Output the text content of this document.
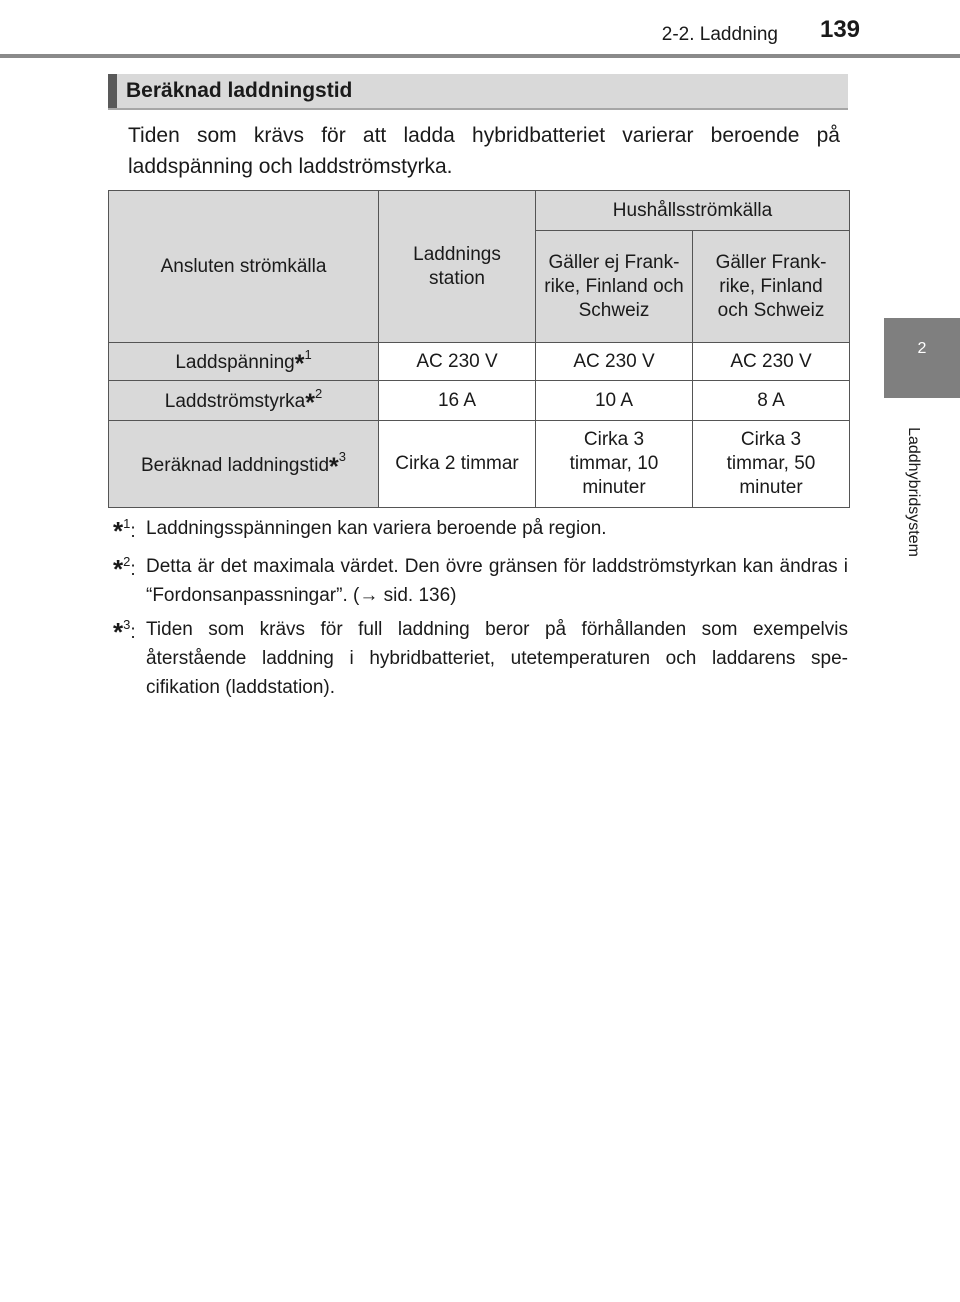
2-2. Laddning	139
2
Laddhybridsystem
Beräknad laddningstid
Tiden som krävs för att ladda hybridbatteriet varierar beroende på laddspänning och laddströmstyrka.
Ansluten strömkälla	Laddnings station	Hushållsströmkälla	

		Gäller ej Frank-rike, Finland och Schweiz	Gäller Frank-rike, Finland och Schweiz

Laddspänning*$^1$	AC 230 V	AC 230 V	AC 230 V
Laddströmstyrka*$^2$	16 A	10 A	8 A
Beräknad laddningstid*$^3$	Cirka 2 timmar	Cirka 3 timmar, 10 minuter	Cirka 3 timmar, 50 minuter
*$^1$: Laddningsspänningen kan variera beroende på region.
*$^2$: Detta är det maximala värdet. Den övre gränsen för laddströmstyrkan kan ändras i “Fordonsanpassningar”. (→ sid. 136)
*$^3$: Tiden som krävs för full laddning beror på förhållanden som exempelvis återstående laddning i hybridbatteriet, utetemperaturen och laddarens spe-cifikation (laddstation).
